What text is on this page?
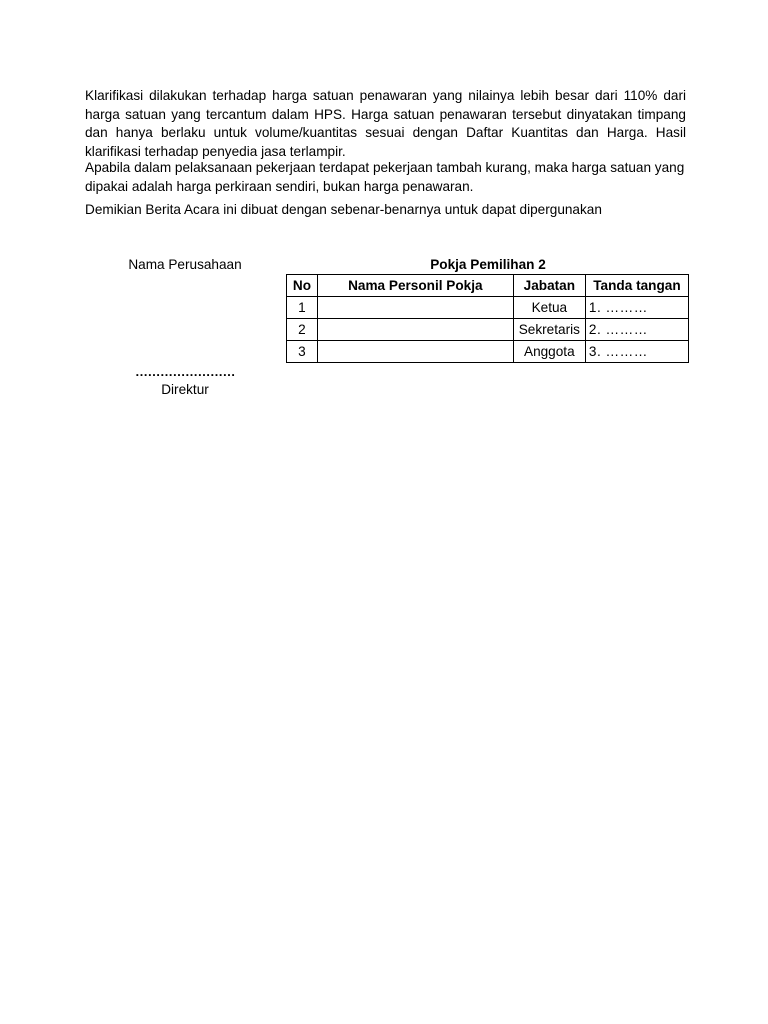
Klarifikasi dilakukan terhadap harga satuan penawaran yang nilainya lebih besar dari 110% dari harga satuan yang tercantum dalam HPS. Harga satuan penawaran tersebut dinyatakan timpang dan hanya berlaku untuk volume/kuantitas sesuai dengan Daftar Kuantitas dan Harga. Hasil klarifikasi terhadap penyedia jasa terlampir.

Apabila dalam pelaksanaan pekerjaan terdapat pekerjaan tambah kurang, maka harga satuan yang dipakai adalah harga perkiraan sendiri, bukan harga penawaran.

Demikian Berita Acara ini dibuat dengan sebenar-benarnya untuk dapat dipergunakan

Nama Perusahaan
……………………
Direktur
Pokja Pemilihan 2
No	Nama Personil Pokja	Jabatan	Tanda tangan
1		Ketua	1. ………
2		Sekretaris	2. ………
3		Anggota	3. ………
